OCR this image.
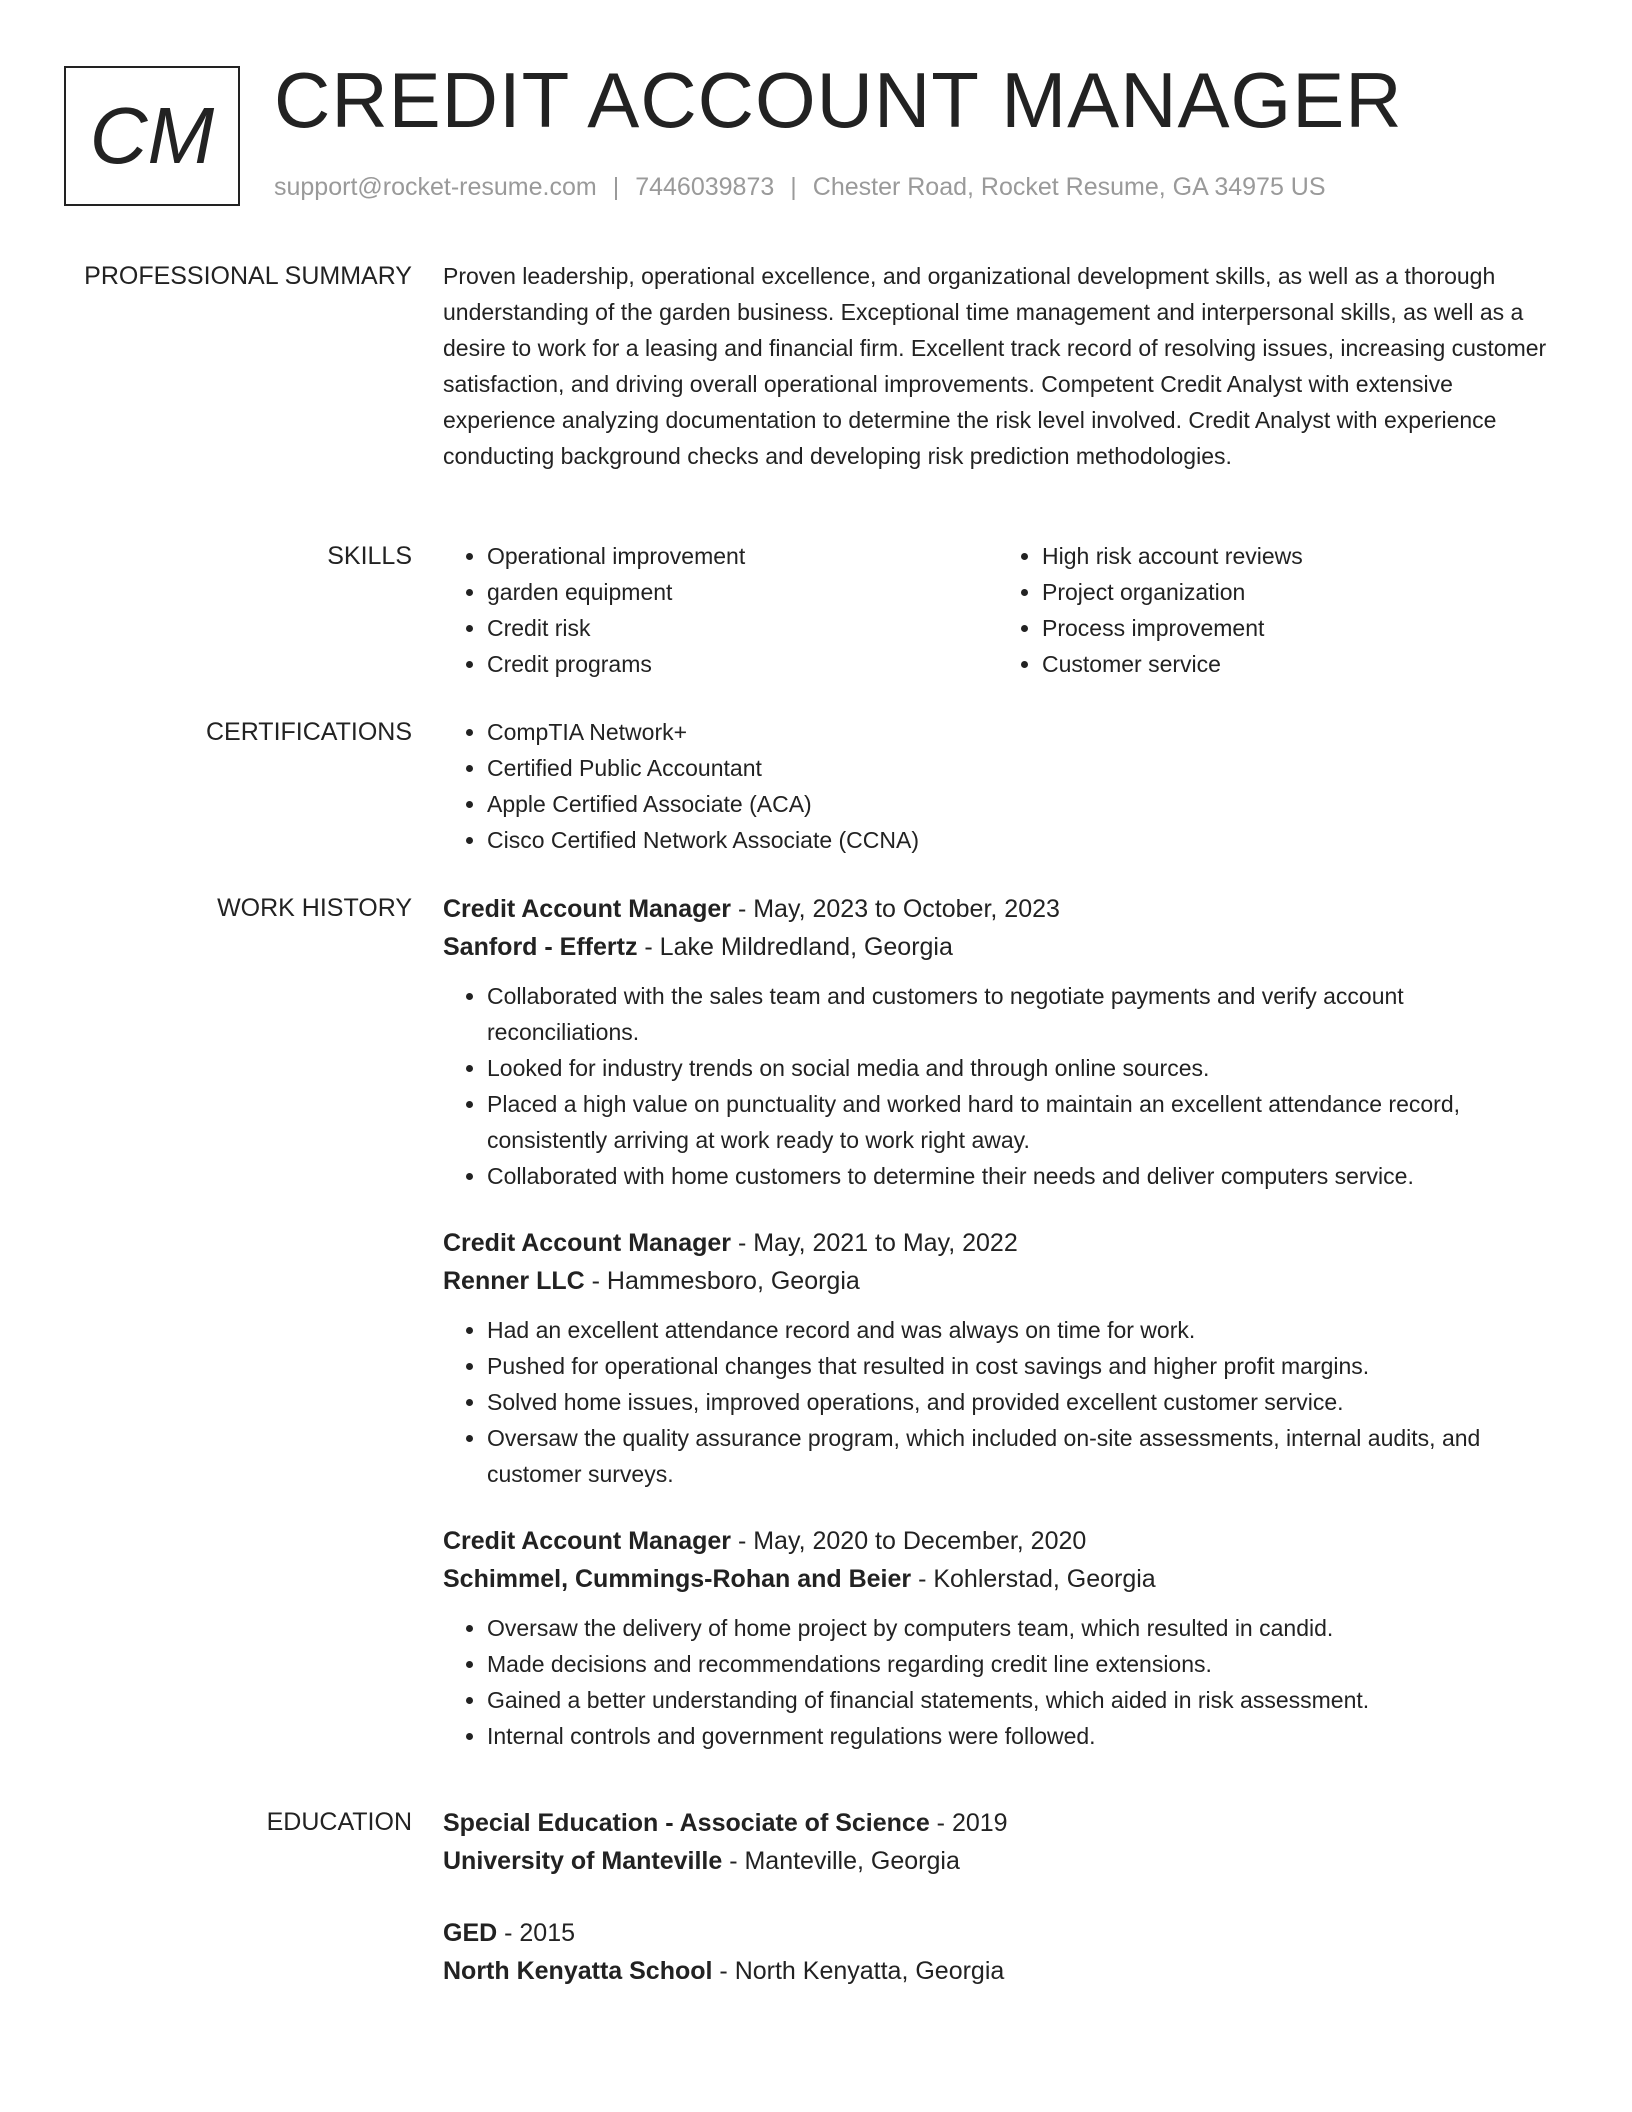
CM CREDIT ACCOUNT MANAGER
support@rocket-resume.com | 7446039873 | Chester Road, Rocket Resume, GA 34975 US
PROFESSIONAL SUMMARY Proven leadership, operational excellence, and organizational development skills, as well as a thorough understanding of the garden business. Exceptional time management and interpersonal skills, as well as a desire to work for a leasing and financial firm. Excellent track record of resolving issues, increasing customer satisfaction, and driving overall operational improvements. Competent Credit Analyst with extensive experience analyzing documentation to determine the risk level involved. Credit Analyst with experience conducting background checks and developing risk prediction methodologies.
SKILLS	• Operational improvement
• garden equipment
• Credit risk
• Credit programs
• High risk account reviews
• Project organization
• Process improvement
• Customer service
CERTIFICATIONS	• CompTIA Network+
• Certified Public Accountant
• Apple Certified Associate (ACA)
• Cisco Certified Network Associate (CCNA)
WORK HISTORY Credit Account Manager - May, 2023 to October, 2023
Sanford - Effertz - Lake Mildredland, Georgia
• Collaborated with the sales team and customers to negotiate payments and verify account reconciliations.
• Looked for industry trends on social media and through online sources.
• Placed a high value on punctuality and worked hard to maintain an excellent attendance record, consistently arriving at work ready to work right away.
• Collaborated with home customers to determine their needs and deliver computers service.
Credit Account Manager - May, 2021 to May, 2022
Renner LLC - Hammesboro, Georgia
• Had an excellent attendance record and was always on time for work.
• Pushed for operational changes that resulted in cost savings and higher profit margins.
• Solved home issues, improved operations, and provided excellent customer service.
• Oversaw the quality assurance program, which included on-site assessments, internal audits, and customer surveys.
Credit Account Manager - May, 2020 to December, 2020
Schimmel, Cummings-Rohan and Beier - Kohlerstad, Georgia
• Oversaw the delivery of home project by computers team, which resulted in candid.
• Made decisions and recommendations regarding credit line extensions.
• Gained a better understanding of financial statements, which aided in risk assessment.
• Internal controls and government regulations were followed.
EDUCATION Special Education - Associate of Science - 2019
University of Manteville - Manteville, Georgia
GED - 2015
North Kenyatta School - North Kenyatta, Georgia
